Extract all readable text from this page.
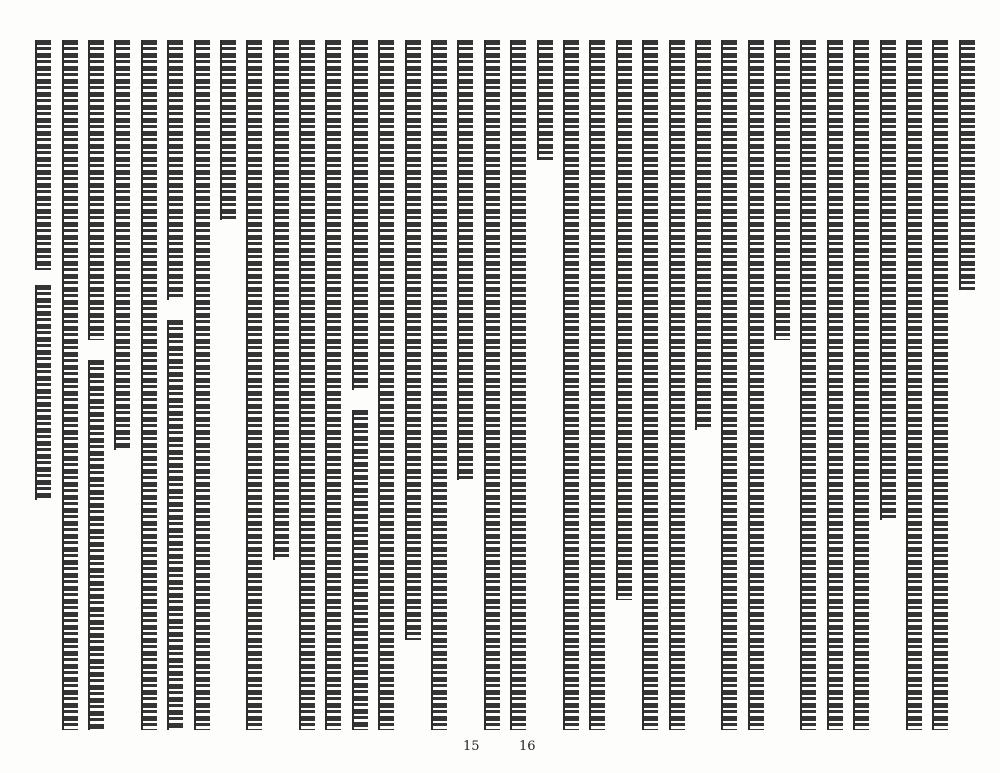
15	16
